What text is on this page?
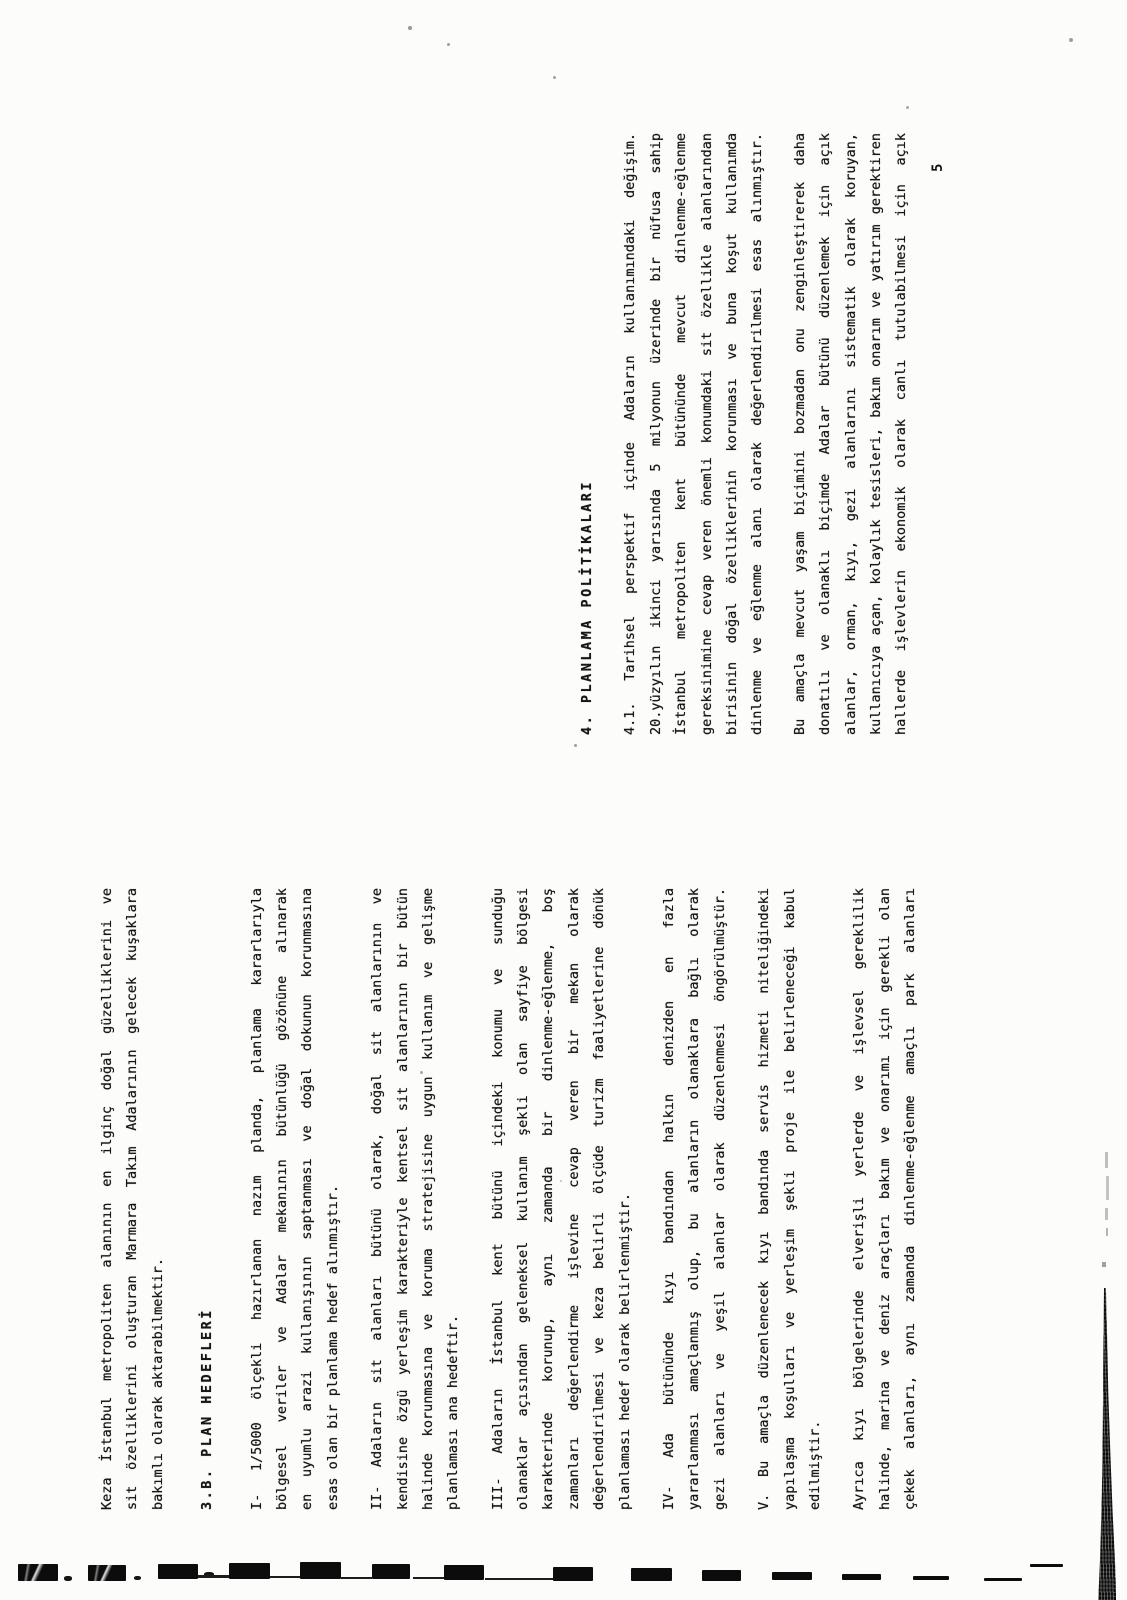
4. PLANLAMA POLİTİKALARI	4.1. Tarihsel perspektif içinde Adaların kullanımındaki değişim. 20.yüzyılın ikinci yarısında 5 milyonun üzerinde bir nüfusa sahip İstanbul metropoliten kent bütününde mevcut dinlenme-eğlenme gereksinimine cevap veren önemli konumdaki sit özellikle alanlarından birisinin doğal özelliklerinin korunması ve buna koşut kullanımda dinlenme ve eğlenme alanı olarak değerlendirilmesi esas alınmıştır.	Bu amaçla mevcut yaşam biçimini bozmadan onu zenginleştirerek daha donatılı ve olanaklı biçimde Adalar bütünü düzenlemek için açık alanlar, orman, kıyı, gezi alanlarını sistematik olarak koruyan, kullanıcıya açan, kolaylık tesisleri, bakım onarım ve yatırım gerektiren hallerde işlevlerin ekonomik olarak canlı tutulabilmesi için açık
Keza İstanbul metropoliten alanının en ilginç doğal güzelliklerini ve sit özelliklerini oluşturan Marmara Takım Adalarının gelecek kuşaklara bakımlı olarak aktarabilmektir.	3.B. PLAN HEDEFLERİ	I- 1/5000 ölçekli hazırlanan nazım planda, planlama kararlarıyla bölgesel veriler ve Adalar mekanının bütünlüğü gözönüne alınarak en uyumlu arazi kullanışının saptanması ve doğal dokunun korunmasına esas olan bir planlama hedef alınmıştır.	II- Adaların sit alanları bütünü olarak, doğal sit alanlarının ve kendisine özgü yerleşim karakteriyle kentsel sit alanlarının bir bütün halinde korunmasına ve koruma stratejisine uygun kullanım ve gelişme planlaması ana hedeftir.	III- Adaların İstanbul kent bütünü içindeki konumu ve sunduğu olanaklar açısından geleneksel kullanım şekli olan sayfiye bölgesi karakterinde korunup, aynı zamanda bir dinlenme-eğlenme, boş zamanları değerlendirme işlevine cevap veren bir mekan olarak değerlendirilmesi ve keza belirli ölçüde turizm faaliyetlerine dönük planlaması hedef olarak belirlenmiştir.	IV- Ada bütününde kıyı bandından halkın denizden en fazla yararlanması amaçlanmış olup, bu alanların olanaklara bağlı olarak gezi alanları ve yeşil alanlar olarak düzenlenmesi öngörülmüştür.	V. Bu amaçla düzenlenecek kıyı bandında servis hizmeti niteliğindeki yapılaşma koşulları ve yerleşim şekli proje ile belirleneceği kabul edilmiştir.	Ayrıca kıyı bölgelerinde elverişli yerlerde ve işlevsel gereklilik halinde, marina ve deniz araçları bakım ve onarımı için gerekli olan çekek alanları, aynı zamanda dinlenme-eğlenme amaçlı park alanları
5
